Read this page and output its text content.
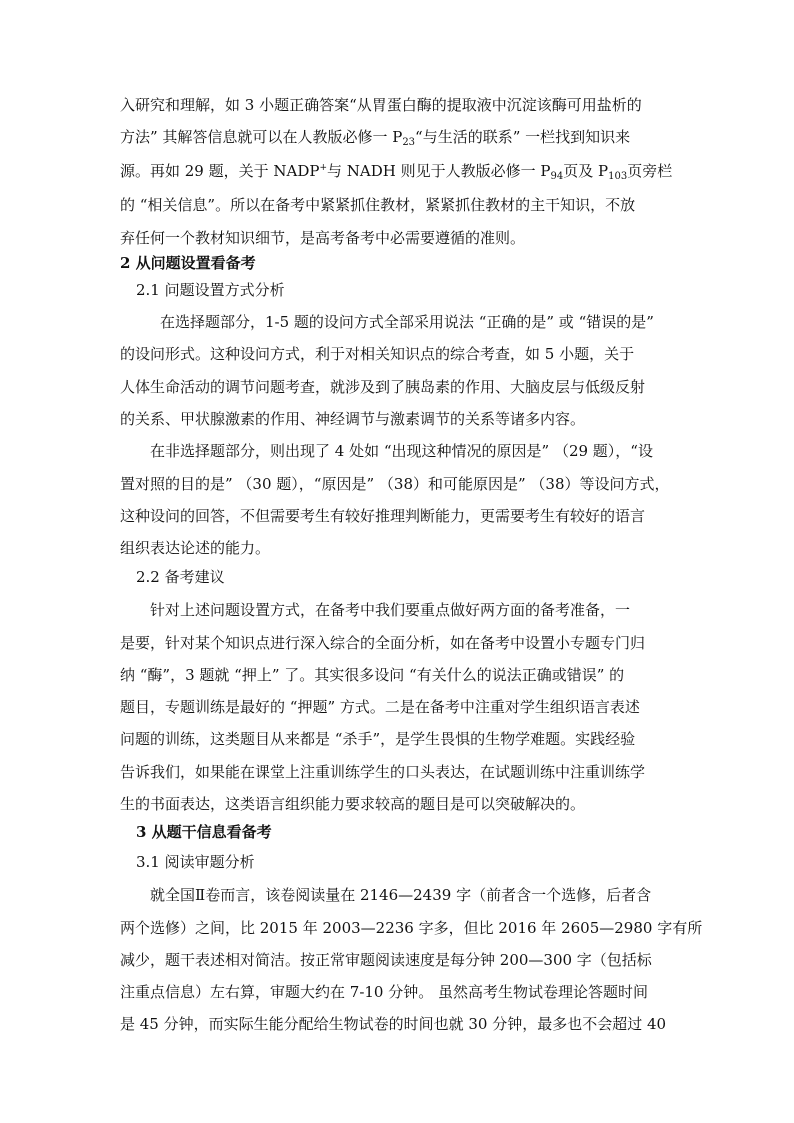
入研究和理解，如 3 小题正确答案“从胃蛋白酶的提取液中沉淀该酶可用盐析的
方法” 其解答信息就可以在人教版必修一 $P_{23}“$与生活的联系” 一栏找到知识来
源。再如 29 题，关于 NADP+与 NADH 则见于人教版必修一 $P_{94}$页及 $P_{103}$页旁栏
的 “相关信息”。所以在备考中紧紧抓住教材，紧紧抓住教材的主干知识，不放
弃任何一个教材知识细节，是高考备考中必需要遵循的准则。
2 从问题设置看备考
2.1 问题设置方式分析
在选择题部分，1-5 题的设问方式全部采用说法 “正确的是” 或 “错误的是”
的设问形式。这种设问方式，利于对相关知识点的综合考查，如 5 小题，关于
人体生命活动的调节问题考查，就涉及到了胰岛素的作用、大脑皮层与低级反射
的关系、甲状腺激素的作用、神经调节与激素调节的关系等诸多内容。
在非选择题部分，则出现了 4 处如 “出现这种情况的原因是” （29 题），“设
置对照的目的是” （30 题），“原因是” （38）和可能原因是” （38）等设问方式，
这种设问的回答，不但需要考生有较好推理判断能力，更需要考生有较好的语言
组织表达论述的能力。
2.2 备考建议
针对上述问题设置方式，在备考中我们要重点做好两方面的备考准备，一
是要，针对某个知识点进行深入综合的全面分析，如在备考中设置小专题专门归
纳 “酶”，3 题就 “押上” 了。其实很多设问 “有关什么的说法正确或错误” 的
题目，专题训练是最好的 “押题” 方式。二是在备考中注重对学生组织语言表述
问题的训练，这类题目从来都是 “杀手”，是学生畏惧的生物学难题。实践经验
告诉我们，如果能在课堂上注重训练学生的口头表达，在试题训练中注重训练学
生的书面表达，这类语言组织能力要求较高的题目是可以突破解决的。
3 从题干信息看备考
3.1 阅读审题分析
就全国Ⅱ卷而言，该卷阅读量在 2146—2439 字（前者含一个选修，后者含
两个选修）之间，比 2015 年 2003—2236 字多，但比 2016 年 2605—2980 字有所
减少，题干表述相对简洁。按正常审题阅读速度是每分钟 200—300 字（包括标
注重点信息）左右算，审题大约在 7-10 分钟。 虽然高考生物试卷理论答题时间
是 45 分钟，而实际生能分配给生物试卷的时间也就 30 分钟，最多也不会超过 40
